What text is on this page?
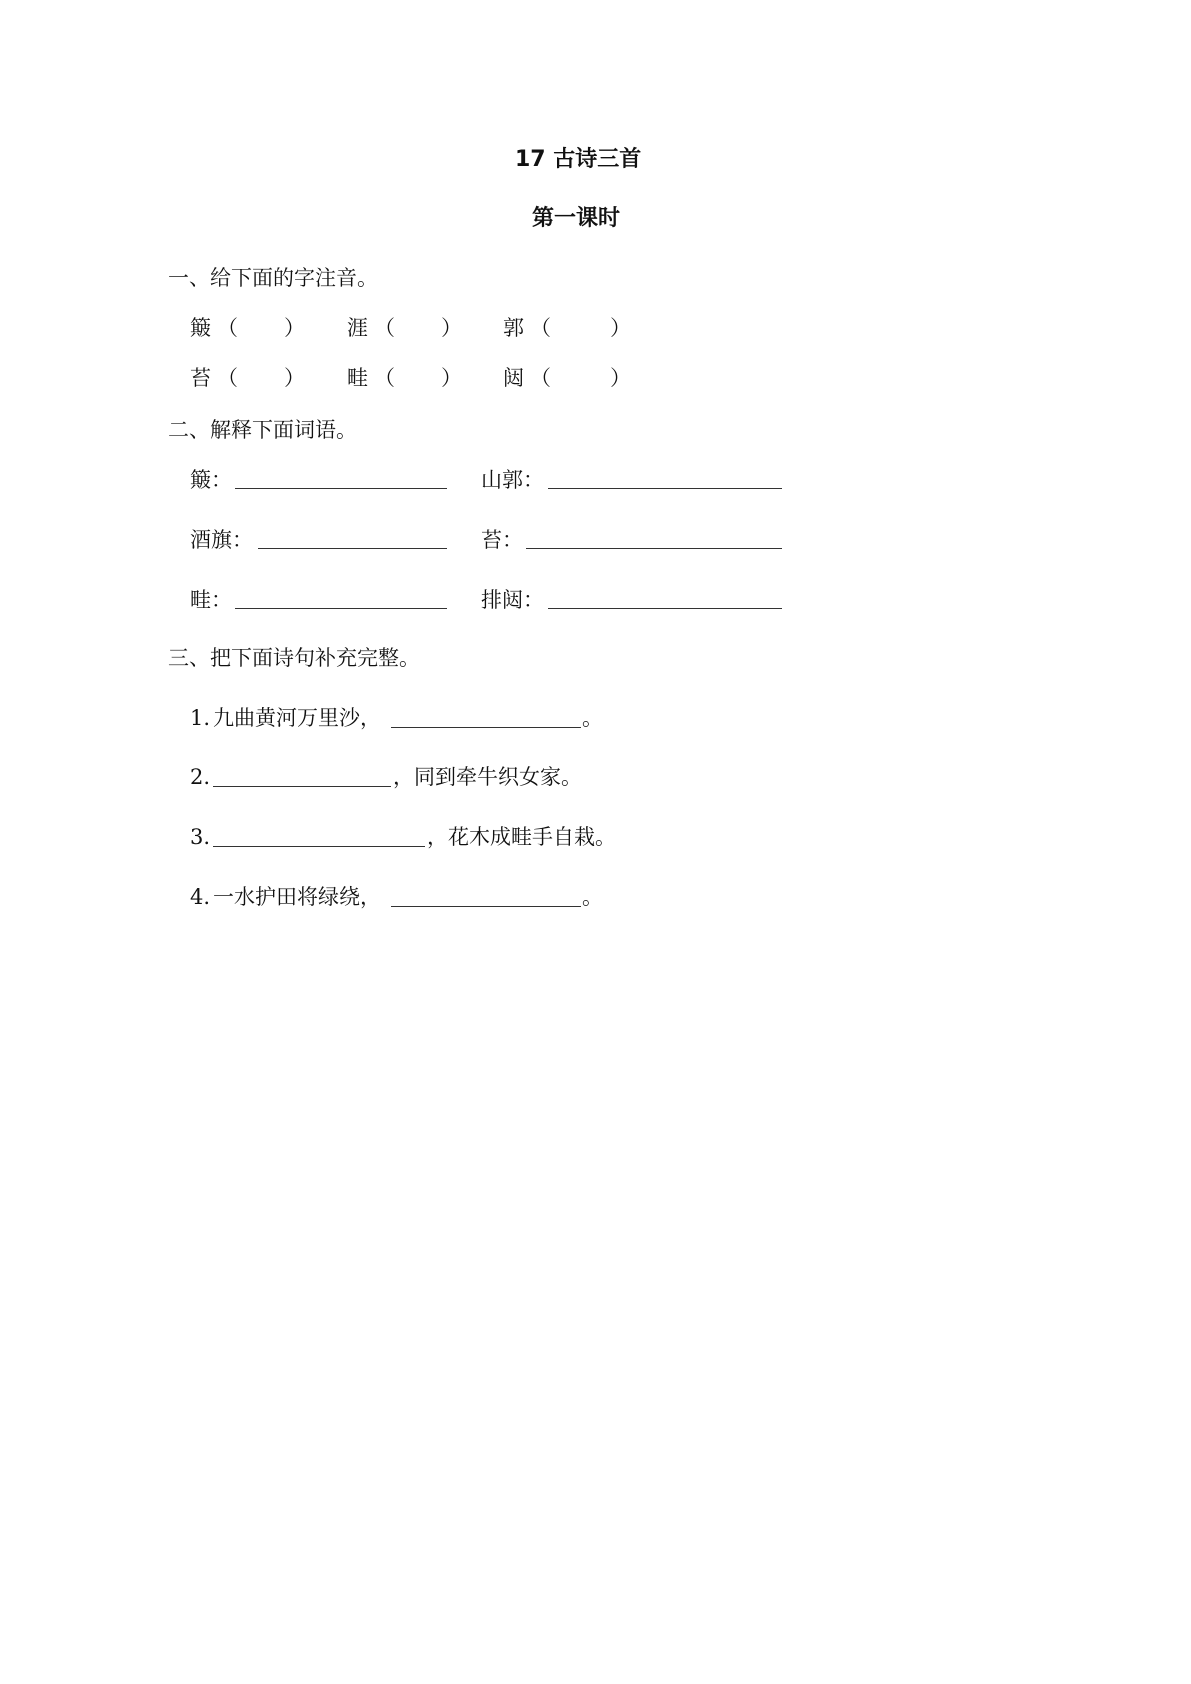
17 古诗三首
第一课时
一、给下面的字注音。
簸 （ ） 涯 （ ） 郭 （	）
苔 （ ） 畦 （ ） 闼 （	）
二、解释下面词语。
簸：	山郭：
酒旗：	苔：
畦：	排闼：
三、把下面诗句补充完整。
1. 九曲黄河万里沙，	。
2.	，同到牵牛织女家。
3.	，花木成畦手自栽。
4. 一水护田将绿绕，	。
